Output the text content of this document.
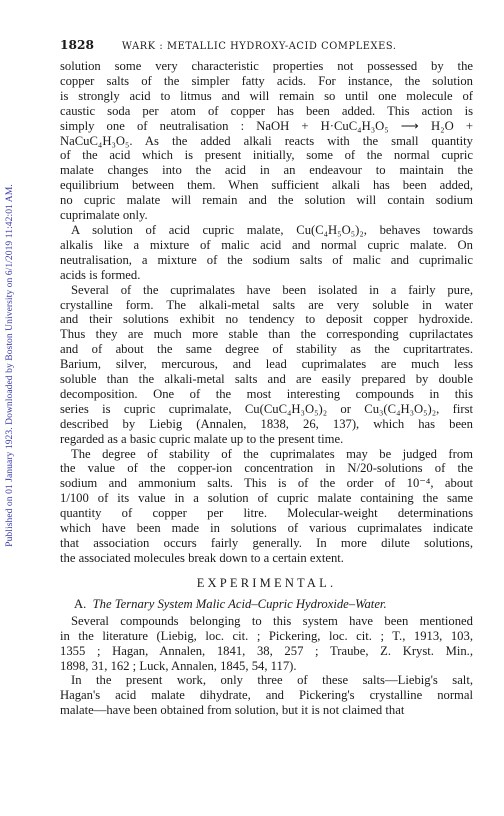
Published on 01 January 1923. Downloaded by Boston University on 6/1/2019 11:42:01 AM.
1828	WARK : METALLIC HYDROXY-ACID COMPLEXES.

solution some very characteristic properties not possessed by the
copper salts of the simpler fatty acids. For instance, the solution
is strongly acid to litmus and will remain so until one molecule of
caustic soda per atom of copper has been added. This action is
simply one of neutralisation : NaOH + H·CuC₄H₃O₅ ⟶ H₂O +
NaCuC₄H₃O₅. As the added alkali reacts with the small quantity
of the acid which is present initially, some of the normal cupric
malate changes into the acid in an endeavour to maintain the
equilibrium between them. When sufficient alkali has been added,
no cupric malate will remain and the solution will contain sodium
cuprimalate only.

A solution of acid cupric malate, Cu(C₄H₅O₅)₂, behaves towards
alkalis like a mixture of malic acid and normal cupric malate. On
neutralisation, a mixture of the sodium salts of malic and cuprimalic
acids is formed.

Several of the cuprimalates have been isolated in a fairly pure,
crystalline form. The alkali-metal salts are very soluble in water
and their solutions exhibit no tendency to deposit copper hydroxide.
Thus they are much more stable than the corresponding cuprilactates
and of about the same degree of stability as the cupritartrates.
Barium, silver, mercurous, and lead cuprimalates are much less
soluble than the alkali-metal salts and are easily prepared by double
decomposition. One of the most interesting compounds in this
series is cupric cuprimalate, Cu(CuC₄H₃O₅)₂ or Cu₃(C₄H₃O₅)₂, first
described by Liebig (Annalen, 1838, 26, 137), which has been
regarded as a basic cupric malate up to the present time.

The degree of stability of the cuprimalates may be judged from
the value of the copper-ion concentration in N/20-solutions of the
sodium and ammonium salts. This is of the order of 10⁻⁴, about
1/100 of its value in a solution of cupric malate containing the same
quantity of copper per litre. Molecular-weight determinations
which have been made in solutions of various cuprimalates indicate
that association occurs fairly generally. In more dilute solutions,
the associated molecules break down to a certain extent.

EXPERIMENTAL.
A. The Ternary System Malic Acid–Cupric Hydroxide–Water.

Several compounds belonging to this system have been mentioned
in the literature (Liebig, loc. cit. ; Pickering, loc. cit. ; T., 1913, 103,
1355 ; Hagan, Annalen, 1841, 38, 257 ; Traube, Z. Kryst. Min.,
1898, 31, 162 ; Luck, Annalen, 1845, 54, 117).

In the present work, only three of these salts—Liebig's salt,
Hagan's acid malate dihydrate, and Pickering's crystalline normal
malate—have been obtained from solution, but it is not claimed that
